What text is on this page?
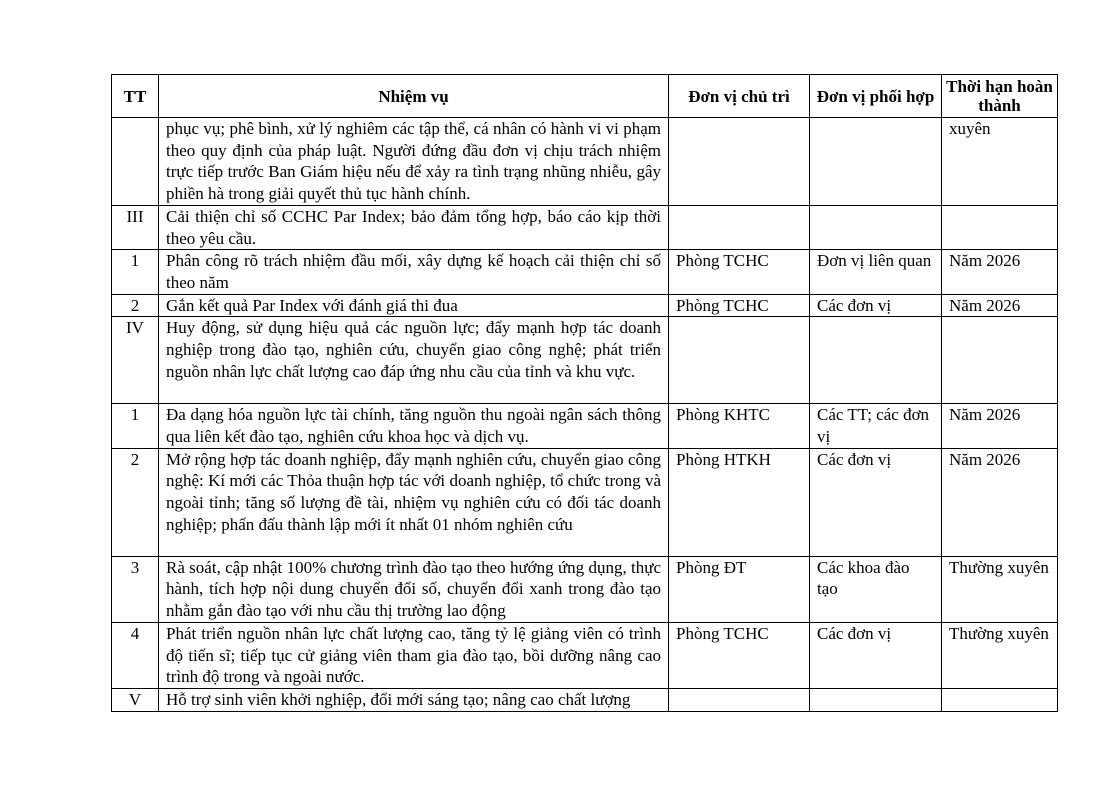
TT	Nhiệm vụ	Đơn vị chủ trì	Đơn vị phối hợp	Thời hạn hoàn thành
	phục vụ; phê bình, xử lý nghiêm các tập thể, cá nhân có hành vi vi phạm theo quy định của pháp luật. Người đứng đầu đơn vị chịu trách nhiệm trực tiếp trước Ban Giám hiệu nếu để xảy ra tình trạng nhũng nhiễu, gây phiền hà trong giải quyết thủ tục hành chính.			xuyên
III	Cải thiện chỉ số CCHC Par Index; bảo đảm tổng hợp, báo cáo kịp thời theo yêu cầu.			
1	Phân công rõ trách nhiệm đầu mối, xây dựng kế hoạch cải thiện chỉ số theo năm	Phòng TCHC	Đơn vị liên quan	Năm 2026
2	Gắn kết quả Par Index với đánh giá thi đua	Phòng TCHC	Các đơn vị	Năm 2026
IV	Huy động, sử dụng hiệu quả các nguồn lực; đẩy mạnh hợp tác doanh nghiệp trong đào tạo, nghiên cứu, chuyển giao công nghệ; phát triển nguồn nhân lực chất lượng cao đáp ứng nhu cầu của tỉnh và khu vực.			
1	Đa dạng hóa nguồn lực tài chính, tăng nguồn thu ngoài ngân sách thông qua liên kết đào tạo, nghiên cứu khoa học và dịch vụ.	Phòng KHTC	Các TT; các đơn vị	Năm 2026
2	Mở rộng hợp tác doanh nghiệp, đẩy mạnh nghiên cứu, chuyển giao công nghệ: Kí mới các Thỏa thuận hợp tác với doanh nghiệp, tổ chức trong và ngoài tỉnh; tăng số lượng đề tài, nhiệm vụ nghiên cứu có đối tác doanh nghiệp; phấn đấu thành lập mới ít nhất 01 nhóm nghiên cứu	Phòng HTKH	Các đơn vị	Năm 2026
3	Rà soát, cập nhật 100% chương trình đào tạo theo hướng ứng dụng, thực hành, tích hợp nội dung chuyển đổi số, chuyển đổi xanh trong đào tạo nhằm gắn đào tạo với nhu cầu thị trường lao động	Phòng ĐT	Các khoa đào tạo	Thường xuyên
4	Phát triển nguồn nhân lực chất lượng cao, tăng tỷ lệ giảng viên có trình độ tiến sĩ; tiếp tục cử giảng viên tham gia đào tạo, bồi dưỡng nâng cao trình độ trong và ngoài nước.	Phòng TCHC	Các đơn vị	Thường xuyên
V	Hỗ trợ sinh viên khởi nghiệp, đổi mới sáng tạo; nâng cao chất lượng			
